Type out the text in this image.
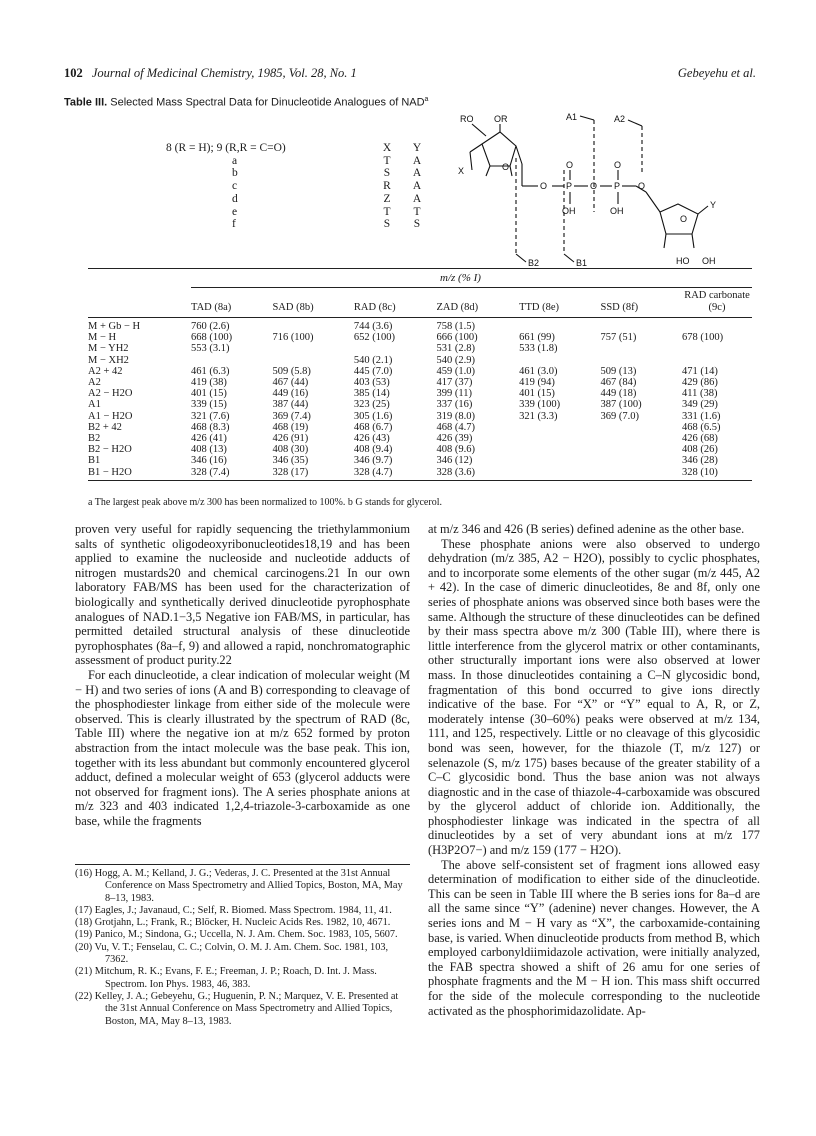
102 Journal of Medicinal Chemistry, 1985, Vol. 28, No. 1	Gebeyehu et al.
Table III. Selected Mass Spectral Data for Dinucleotide Analogues of NAD$^a$
8 (R = H); 9 (R,R = C=O)	X	Y
a	T	A
b	S	A
c	R	A
d	Z	A
e	T	T
f	S	S
RO OR
X	O
O P O P O
O	O
OH	OH
O
Y
HO OH
B2	B1
A1	A2
m/z (% I)
	TAD (8a)	SAD (8b)	RAD (8c)	ZAD (8d)	TTD (8e)	SSD (8f)	RAD carbonate (9c)
M + Gb − H	760 (2.6)		744 (3.6)	758 (1.5)			
M − H	668 (100)	716 (100)	652 (100)	666 (100)	661 (99)	757 (51)	678 (100)
M − YH2	553 (3.1)			531 (2.8)	533 (1.8)		
M − XH2			540 (2.1)	540 (2.9)			
A2 + 42	461 (6.3)	509 (5.8)	445 (7.0)	459 (1.0)	461 (3.0)	509 (13)	471 (14)
A2	419 (38)	467 (44)	403 (53)	417 (37)	419 (94)	467 (84)	429 (86)
A2 − H2O	401 (15)	449 (16)	385 (14)	399 (11)	401 (15)	449 (18)	411 (38)
A1	339 (15)	387 (44)	323 (25)	337 (16)	339 (100)	387 (100)	349 (29)
A1 − H2O	321 (7.6)	369 (7.4)	305 (1.6)	319 (8.0)	321 (3.3)	369 (7.0)	331 (1.6)
B2 + 42	468 (8.3)	468 (19)	468 (6.7)	468 (4.7)			468 (6.5)
B2	426 (41)	426 (91)	426 (43)	426 (39)			426 (68)
B2 − H2O	408 (13)	408 (30)	408 (9.4)	408 (9.6)			408 (26)
B1	346 (16)	346 (35)	346 (9.7)	346 (12)			346 (28)
B1 − H2O	328 (7.4)	328 (17)	328 (4.7)	328 (3.6)			328 (10)
a The largest peak above m/z 300 has been normalized to 100%. b G stands for glycerol.

proven very useful for rapidly sequencing the triethylammonium salts of synthetic oligodeoxyribonucleotides18,19 and has been applied to examine the nucleoside and nucleotide adducts of nitrogen mustards20 and chemical carcinogens.21 In our own laboratory FAB/MS has been used for the characterization of biologically and synthetically derived dinucleotide pyrophosphate analogues of NAD.1−3,5 Negative ion FAB/MS, in particular, has permitted detailed structural analysis of these dinucleotide pyrophosphates (8a–f, 9) and allowed a rapid, nonchromatographic assessment of product purity.22

For each dinucleotide, a clear indication of molecular weight (M − H) and two series of ions (A and B) corresponding to cleavage of the phosphodiester linkage from either side of the molecule were observed. This is clearly illustrated by the spectrum of RAD (8c, Table III) where the negative ion at m/z 652 formed by proton abstraction from the intact molecule was the base peak. This ion, together with its less abundant but commonly encountered glycerol adduct, defined a molecular weight of 653 (glycerol adducts were not observed for fragment ions). The A series phosphate anions at m/z 323 and 403 indicated 1,2,4-triazole-3-carboxamide as one base, while the fragments

(16) Hogg, A. M.; Kelland, J. G.; Vederas, J. C. Presented at the 31st Annual Conference on Mass Spectrometry and Allied Topics, Boston, MA, May 8–13, 1983.

(17) Eagles, J.; Javanaud, C.; Self, R. Biomed. Mass Spectrom. 1984, 11, 41.

(18) Grotjahn, L.; Frank, R.; Blöcker, H. Nucleic Acids Res. 1982, 10, 4671.

(19) Panico, M.; Sindona, G.; Uccella, N. J. Am. Chem. Soc. 1983, 105, 5607.

(20) Vu, V. T.; Fenselau, C. C.; Colvin, O. M. J. Am. Chem. Soc. 1981, 103, 7362.

(21) Mitchum, R. K.; Evans, F. E.; Freeman, J. P.; Roach, D. Int. J. Mass. Spectrom. Ion Phys. 1983, 46, 383.

(22) Kelley, J. A.; Gebeyehu, G.; Huguenin, P. N.; Marquez, V. E. Presented at the 31st Annual Conference on Mass Spectrometry and Allied Topics, Boston, MA, May 8–13, 1983.

at m/z 346 and 426 (B series) defined adenine as the other base.

These phosphate anions were also observed to undergo dehydration (m/z 385, A2 − H2O), possibly to cyclic phosphates, and to incorporate some elements of the other sugar (m/z 445, A2 + 42). In the case of dimeric dinucleotides, 8e and 8f, only one series of phosphate anions was observed since both bases were the same. Although the structure of these dinucleotides can be defined by their mass spectra above m/z 300 (Table III), where there is little interference from the glycerol matrix or other contaminants, other structurally important ions were also observed at lower mass. In those dinucleotides containing a C–N glycosidic bond, fragmentation of this bond occurred to give ions directly indicative of the base. For “X” or “Y” equal to A, R, or Z, moderately intense (30–60%) peaks were observed at m/z 134, 111, and 125, respectively. Little or no cleavage of this glycosidic bond was seen, however, for the thiazole (T, m/z 127) or selenazole (S, m/z 175) bases because of the greater stability of a C–C glycosidic bond. Thus the base anion was not always diagnostic and in the case of thiazole-4-carboxamide was obscured by the glycerol adduct of chloride ion. Additionally, the phosphodiester linkage was indicated in the spectra of all dinucleotides by a set of very abundant ions at m/z 177 (H3P2O7−) and m/z 159 (177 − H2O).

The above self-consistent set of fragment ions allowed easy determination of modification to either side of the dinucleotide. This can be seen in Table III where the B series ions for 8a–d are all the same since “Y” (adenine) never changes. However, the A series ions and M − H vary as “X”, the carboxamide-containing base, is varied. When dinucleotide products from method B, which employed carbonyldiimidazole activation, were initially analyzed, the FAB spectra showed a shift of 26 amu for one series of phosphate fragments and the M − H ion. This mass shift occurred for the side of the molecule corresponding to the nucleotide activated as the phosphorimidazolidate. Ap-
